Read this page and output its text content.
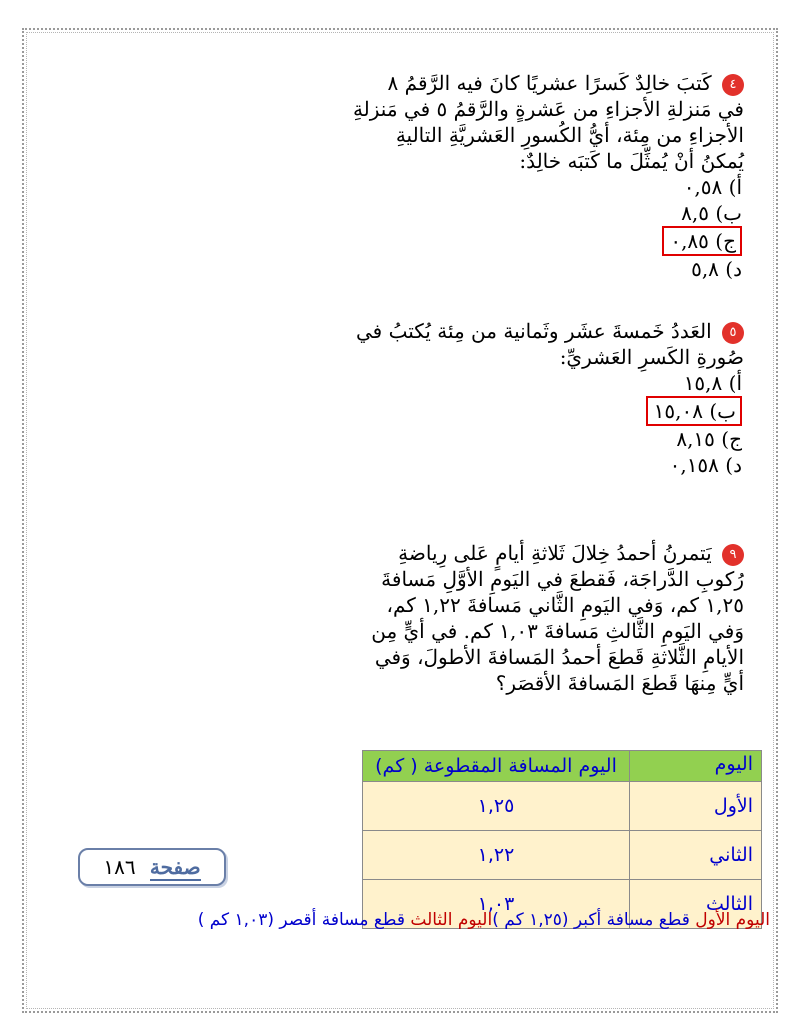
٤ كَتبَ خالِدٌ كَسرًا عشريًا كانَ فيه الرَّقمُ ٨
في مَنزلةِ الأجزاءِ من عَشرةٍ والرَّقمُ ٥ في مَنزلةِ
الأجزاءِ من مِئة، أيُّ الكُسورِ العَشريَّةِ التاليةِ
يُمكنُ أنْ يُمثِّلَ ما كَتبَه خالِدٌ:
أ) ٠,٥٨
ب) ٨,٥
ج) ٠,٨٥
د) ٥,٨
٥ العَددُ خَمسةَ عشَر وثَمانية من مِئة يُكتبُ في
صُورةِ الكَسرِ العَشريِّ:
أ) ١٥,٨
ب) ١٥,٠٨
ج) ٨,١٥
د) ٠,١٥٨
٩ يَتمرنُ أحمدُ خِلالَ ثَلاثةِ أيامٍ عَلى رِياضةِ
رُكوبِ الدَّراجَة، فَقطعَ في اليَومِ الأوَّلِ مَسافةَ
١,٢٥ كم، وَفي اليَومِ الثَّاني مَسافةَ ١,٢٢ كم،
وَفي اليَومِ الثَّالثِ مَسافةَ ١,٠٣ كم. في أيٍّ مِن
الأيامِ الثَّلاثةِ قَطعَ أحمدُ المَسافةَ الأطولَ، وَفي
أيٍّ مِنهَا قَطعَ المَسافةَ الأقصَر؟
اليوم	اليوم المسافة المقطوعة ( كم)
الأول	١,٢٥
الثاني	١,٢٢
الثالث	١,٠٣
صفحة ١٨٦
اليوم الأول قطع مسافة أكبر (١,٢٥ كم )اليوم الثالث قطع مسافة أقصر (١,٠٣ كم )
